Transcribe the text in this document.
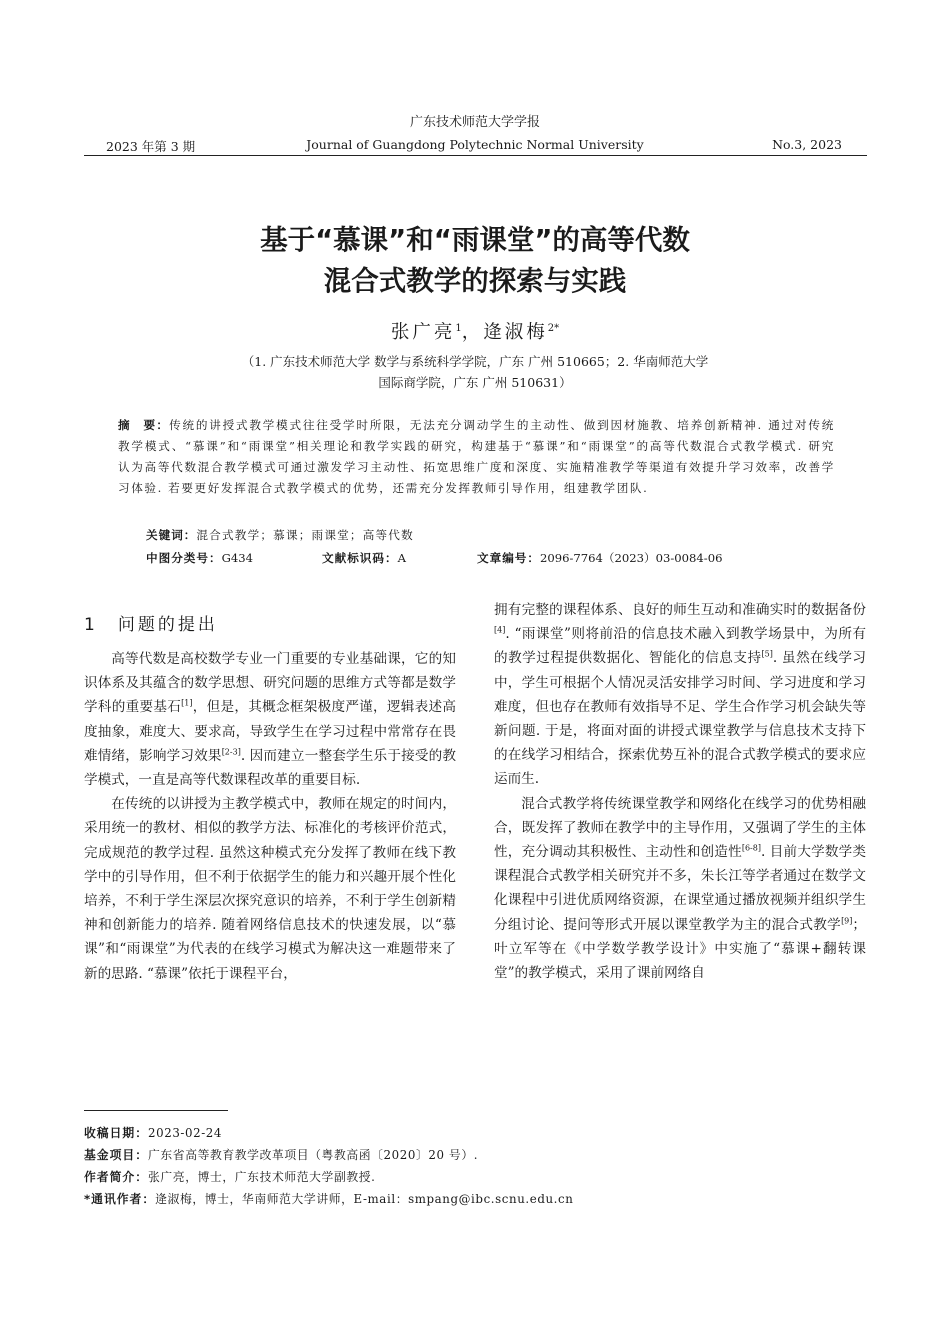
广东技术师范大学学报
2023 年第 3 期	Journal of Guangdong Polytechnic Normal University	No.3, 2023
基于“慕课”和“雨课堂”的高等代数
混合式教学的探索与实践
张广亮$^1$，逄淑梅$^{2*}$
（1. 广东技术师范大学 数学与系统科学学院，广东 广州 510665；2. 华南师范大学
国际商学院，广东 广州 510631）
摘　要：传统的讲授式教学模式往往受学时所限，无法充分调动学生的主动性、做到因材施教、培养创新精神. 通过对传统教学模式、“慕课”和“雨课堂”相关理论和教学实践的研究，构建基于“慕课”和“雨课堂”的高等代数混合式教学模式. 研究认为高等代数混合教学模式可通过激发学习主动性、拓宽思维广度和深度、实施精准教学等渠道有效提升学习效率，改善学习体验. 若要更好发挥混合式教学模式的优势，还需充分发挥教师引导作用，组建教学团队.
关键词：混合式教学；慕课；雨课堂；高等代数
中图分类号：G434	文献标识码：A	文章编号：2096-7764（2023）03-0084-06
1　问题的提出

高等代数是高校数学专业一门重要的专业基础课，它的知识体系及其蕴含的数学思想、研究问题的思维方式等都是数学学科的重要基石[1]，但是，其概念框架极度严谨，逻辑表述高度抽象，难度大、要求高，导致学生在学习过程中常常存在畏难情绪，影响学习效果[2-3]. 因而建立一整套学生乐于接受的教学模式，一直是高等代数课程改革的重要目标.

在传统的以讲授为主教学模式中，教师在规定的时间内，采用统一的教材、相似的教学方法、标准化的考核评价范式，完成规范的教学过程. 虽然这种模式充分发挥了教师在线下教学中的引导作用，但不利于依据学生的能力和兴趣开展个性化培养，不利于学生深层次探究意识的培养，不利于学生创新精神和创新能力的培养. 随着网络信息技术的快速发展，以“慕课”和“雨课堂”为代表的在线学习模式为解决这一难题带来了新的思路. “慕课”依托于课程平台，

拥有完整的课程体系、良好的师生互动和准确实时的数据备份[4]. “雨课堂”则将前沿的信息技术融入到教学场景中，为所有的教学过程提供数据化、智能化的信息支持[5]. 虽然在线学习中，学生可根据个人情况灵活安排学习时间、学习进度和学习难度，但也存在教师有效指导不足、学生合作学习机会缺失等新问题. 于是，将面对面的讲授式课堂教学与信息技术支持下的在线学习相结合，探索优势互补的混合式教学模式的要求应运而生.

混合式教学将传统课堂教学和网络化在线学习的优势相融合，既发挥了教师在教学中的主导作用，又强调了学生的主体性，充分调动其积极性、主动性和创造性[6-8]. 目前大学数学类课程混合式教学相关研究并不多，朱长江等学者通过在数学文化课程中引进优质网络资源，在课堂通过播放视频并组织学生分组讨论、提问等形式开展以课堂教学为主的混合式教学[9]；叶立军等在《中学数学教学设计》中实施了“慕课+翻转课堂”的教学模式，采用了课前网络自

收稿日期：2023-02-24
基金项目：广东省高等教育教学改革项目（粤教高函〔2020〕20 号）.
作者简介：张广亮，博士，广东技术师范大学副教授.
*通讯作者：逄淑梅，博士，华南师范大学讲师，E-mail：smpang@ibc.scnu.edu.cn
